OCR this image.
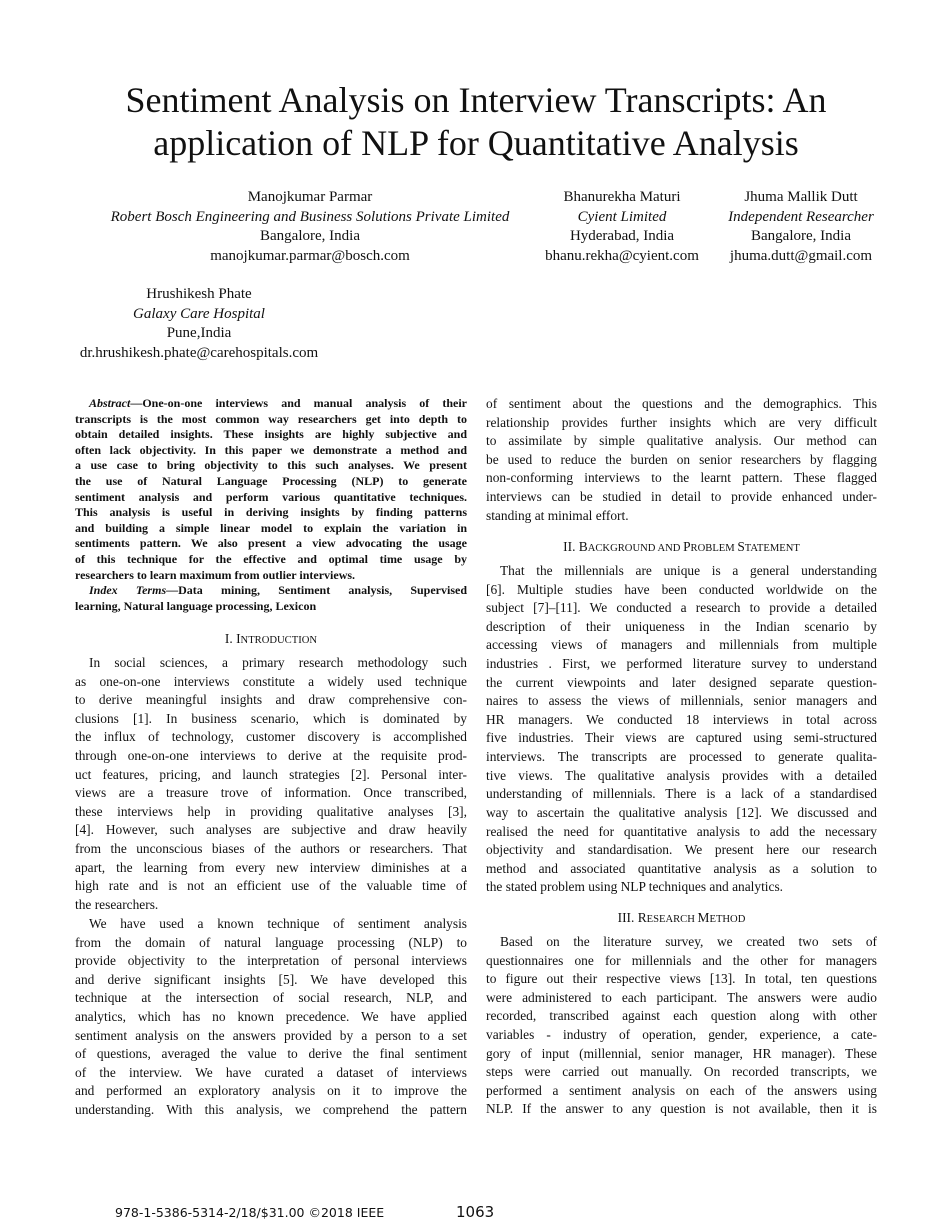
Sentiment Analysis on Interview Transcripts: An
application of NLP for Quantitative Analysis
Manojkumar Parmar
Robert Bosch Engineering and Business Solutions Private Limited
Bangalore, India
manojkumar.parmar@bosch.com
Bhanurekha Maturi
Cyient Limited
Hyderabad, India
bhanu.rekha@cyient.com
Jhuma Mallik Dutt
Independent Researcher
Bangalore, India
jhuma.dutt@gmail.com
Hrushikesh Phate
Galaxy Care Hospital
Pune,India
dr.hrushikesh.phate@carehospitals.com
Abstract—One-on-one interviews and manual analysis of their
transcripts is the most common way researchers get into depth to
obtain detailed insights. These insights are highly subjective and
often lack objectivity. In this paper we demonstrate a method and
a use case to bring objectivity to this such analyses. We present
the use of Natural Language Processing (NLP) to generate
sentiment analysis and perform various quantitative techniques.
This analysis is useful in deriving insights by finding patterns
and building a simple linear model to explain the variation in
sentiments pattern. We also present a view advocating the usage
of this technique for the effective and optimal time usage by
researchers to learn maximum from outlier interviews.
Index Terms—Data mining, Sentiment analysis, Supervised
learning, Natural language processing, Lexicon
I. INTRODUCTION
In social sciences, a primary research methodology such
as one-on-one interviews constitute a widely used technique
to derive meaningful insights and draw comprehensive con-
clusions [1]. In business scenario, which is dominated by
the influx of technology, customer discovery is accomplished
through one-on-one interviews to derive at the requisite prod-
uct features, pricing, and launch strategies [2]. Personal inter-
views are a treasure trove of information. Once transcribed,
these interviews help in providing qualitative analyses [3],
[4]. However, such analyses are subjective and draw heavily
from the unconscious biases of the authors or researchers. That
apart, the learning from every new interview diminishes at a
high rate and is not an efficient use of the valuable time of
the researchers.
We have used a known technique of sentiment analysis
from the domain of natural language processing (NLP) to
provide objectivity to the interpretation of personal interviews
and derive significant insights [5]. We have developed this
technique at the intersection of social research, NLP, and
analytics, which has no known precedence. We have applied
sentiment analysis on the answers provided by a person to a set
of questions, averaged the value to derive the final sentiment
of the interview. We have curated a dataset of interviews
and performed an exploratory analysis on it to improve the
understanding. With this analysis, we comprehend the pattern
of sentiment about the questions and the demographics. This
relationship provides further insights which are very difficult
to assimilate by simple qualitative analysis. Our method can
be used to reduce the burden on senior researchers by flagging
non-conforming interviews to the learnt pattern. These flagged
interviews can be studied in detail to provide enhanced under-
standing at minimal effort.
II. BACKGROUND AND PROBLEM STATEMENT
That the millennials are unique is a general understanding
[6]. Multiple studies have been conducted worldwide on the
subject [7]–[11]. We conducted a research to provide a detailed
description of their uniqueness in the Indian scenario by
accessing views of managers and millennials from multiple
industries . First, we performed literature survey to understand
the current viewpoints and later designed separate question-
naires to assess the views of millennials, senior managers and
HR managers. We conducted 18 interviews in total across
five industries. Their views are captured using semi-structured
interviews. The transcripts are processed to generate qualita-
tive views. The qualitative analysis provides with a detailed
understanding of millennials. There is a lack of a standardised
way to ascertain the qualitative analysis [12]. We discussed and
realised the need for quantitative analysis to add the necessary
objectivity and standardisation. We present here our research
method and associated quantitative analysis as a solution to
the stated problem using NLP techniques and analytics.
III. RESEARCH METHOD
Based on the literature survey, we created two sets of
questionnaires one for millennials and the other for managers
to figure out their respective views [13]. In total, ten questions
were administered to each participant. The answers were audio
recorded, transcribed against each question along with other
variables - industry of operation, gender, experience, a cate-
gory of input (millennial, senior manager, HR manager). These
steps were carried out manually. On recorded transcripts, we
performed a sentiment analysis on each of the answers using
NLP. If the answer to any question is not available, then it is
978-1-5386-5314-2/18/$31.00 ©2018 IEEE	1063
